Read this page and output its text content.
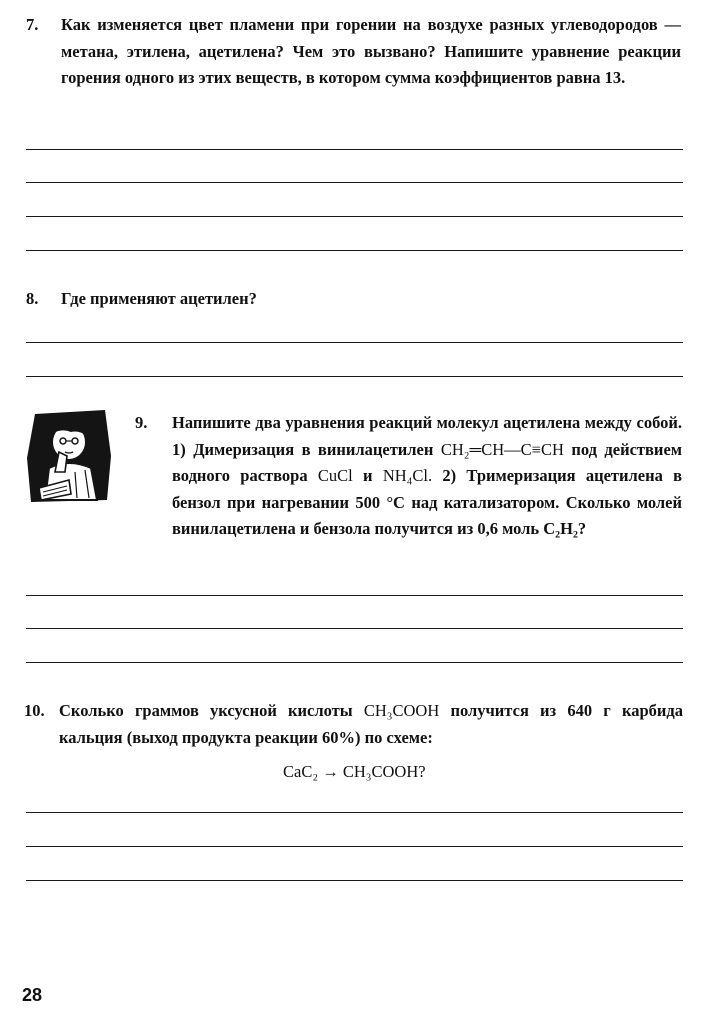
7. Как изменяется цвет пламени при горении на воздухе разных углеводородов — метана, этилена, ацетилена? Чем это вызвано? Напишите уравнение реакции горения одного из этих веществ, в котором сумма коэффициентов равна 13.
8. Где применяют ацетилен?
9. Напишите два уравнения реакций молекул ацетилена между собой. 1) Димеризация в винилацетилен CH₂═CH—C≡CH под действием водного раствора CuCl и NH₄Cl. 2) Тримеризация ацетилена в бензол при нагревании 500 °С над катализатором. Сколько молей винилацетилена и бензола получится из 0,6 моль C₂H₂?
10. Сколько граммов уксусной кислоты CH₃COOH получится из 640 г карбида кальция (выход продукта реакции 60%) по схеме:
CaC₂ → CH₃COOH?
28
